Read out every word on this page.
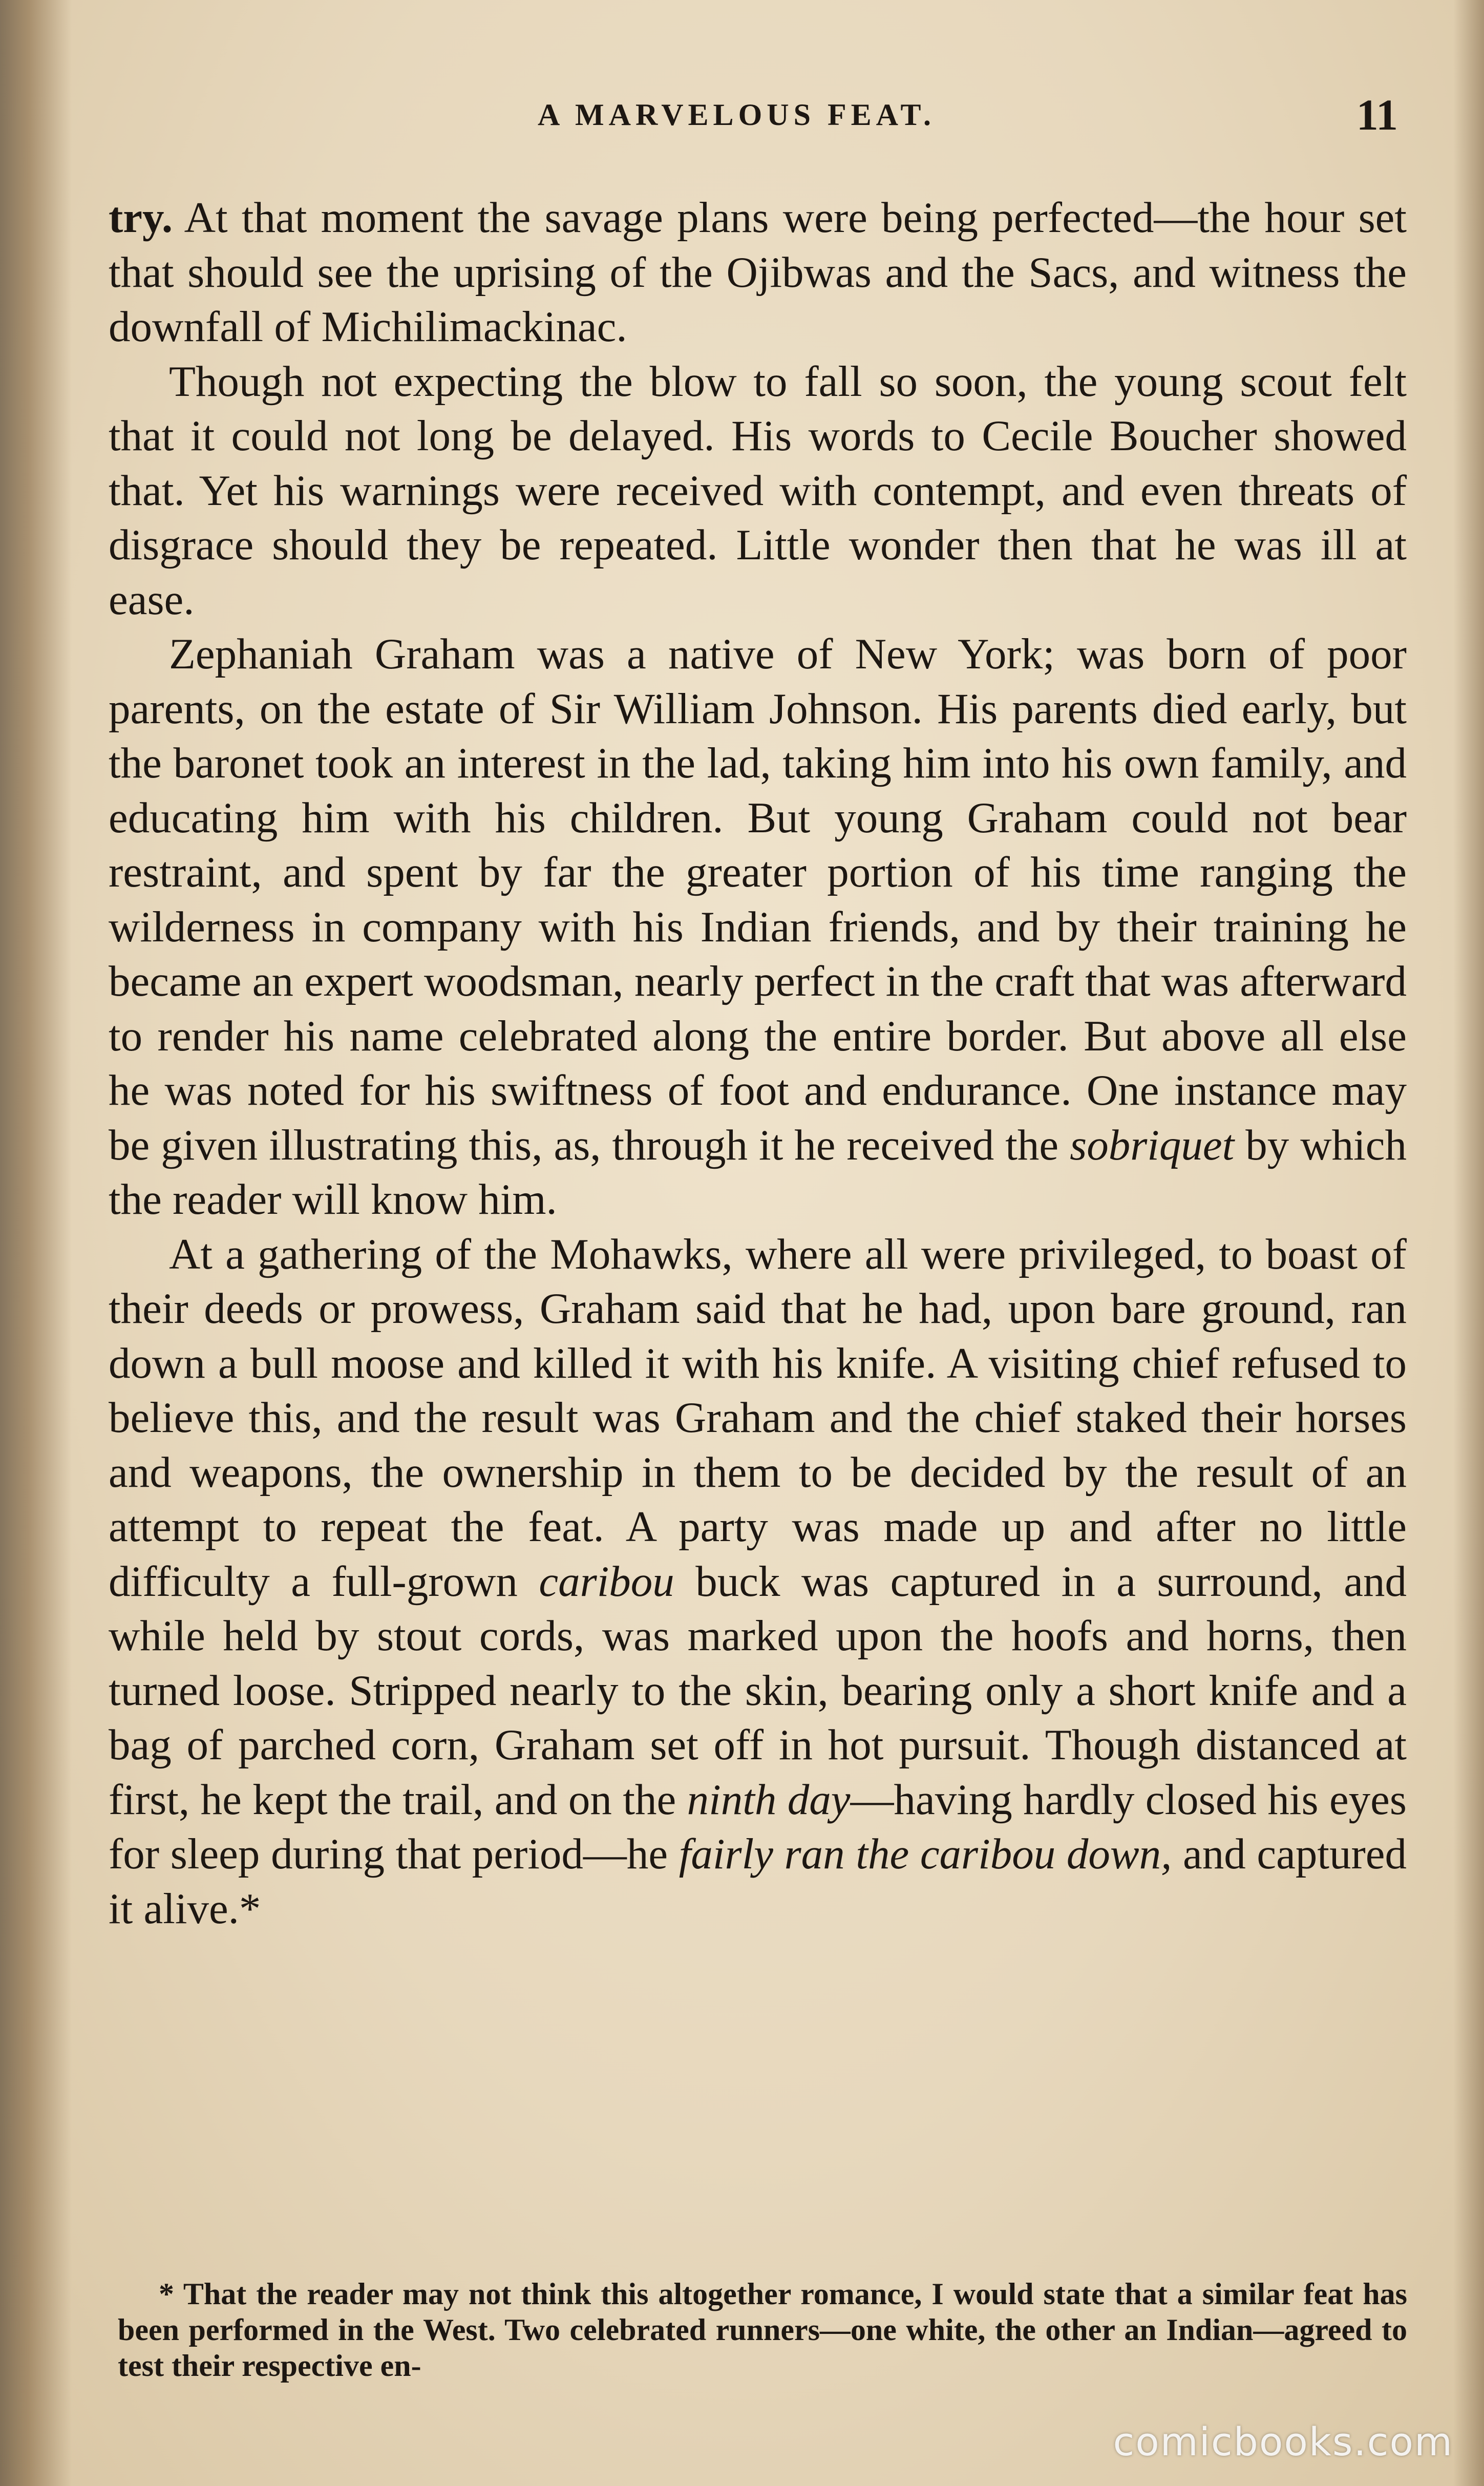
A MARVELOUS FEAT.	11

try. At that moment the savage plans were being perfected—the hour set that should see the uprising of the Ojibwas and the Sacs, and witness the downfall of Michilimackinac.

Though not expecting the blow to fall so soon, the young scout felt that it could not long be delayed. His words to Cecile Boucher showed that. Yet his warnings were received with contempt, and even threats of disgrace should they be repeated. Little wonder then that he was ill at ease.

Zephaniah Graham was a native of New York; was born of poor parents, on the estate of Sir William Johnson. His parents died early, but the baronet took an interest in the lad, taking him into his own family, and educating him with his children. But young Graham could not bear restraint, and spent by far the greater portion of his time ranging the wilderness in company with his Indian friends, and by their training he became an expert woodsman, nearly perfect in the craft that was afterward to render his name celebrated along the entire border. But above all else he was noted for his swiftness of foot and endurance. One instance may be given illustrating this, as, through it he received the sobriquet by which the reader will know him.

At a gathering of the Mohawks, where all were privileged, to boast of their deeds or prowess, Graham said that he had, upon bare ground, ran down a bull moose and killed it with his knife. A visiting chief refused to believe this, and the result was Graham and the chief staked their horses and weapons, the ownership in them to be decided by the result of an attempt to repeat the feat. A party was made up and after no little difficulty a full-grown caribou buck was captured in a surround, and while held by stout cords, was marked upon the hoofs and horns, then turned loose. Stripped nearly to the skin, bearing only a short knife and a bag of parched corn, Graham set off in hot pursuit. Though distanced at first, he kept the trail, and on the ninth day—having hardly closed his eyes for sleep during that period—he fairly ran the caribou down, and captured it alive.*

* That the reader may not think this altogether romance, I would state that a similar feat has been performed in the West. Two celebrated runners—one white, the other an Indian—agreed to test their respective en-
comicbooks.com
